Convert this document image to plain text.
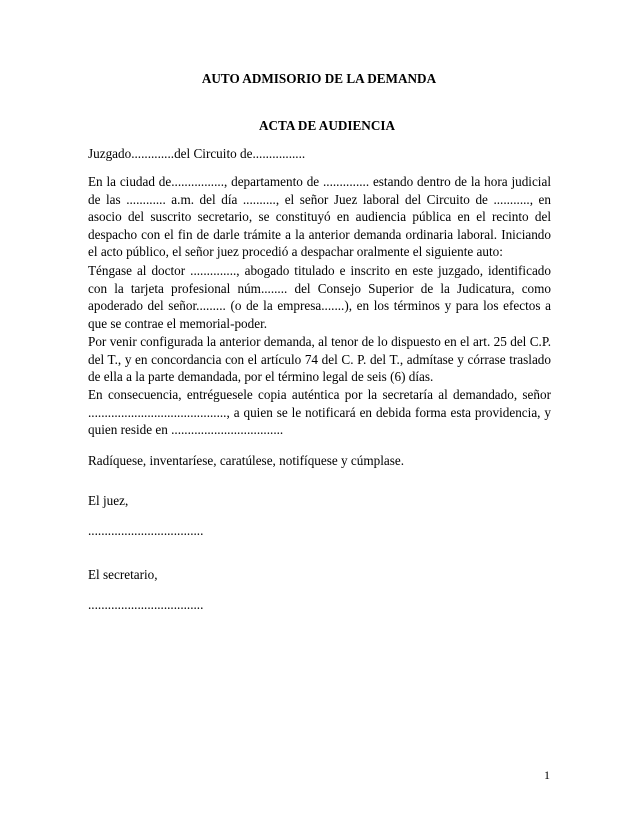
AUTO ADMISORIO DE LA DEMANDA

ACTA DE AUDIENCIA

Juzgado.............del Circuito de................

En la ciudad de................, departamento de .............. estando dentro de la hora judicial de las ............ a.m. del día .........., el señor Juez laboral del Circuito de ..........., en asocio del suscrito secretario, se constituyó en audiencia pública en el recinto del despacho con el fin de darle trámite a la anterior demanda ordinaria laboral. Iniciando el acto público, el señor juez procedió a despachar oralmente el siguiente auto:

Téngase al doctor .............., abogado titulado e inscrito en este juzgado, identificado con la tarjeta profesional núm........ del Consejo Superior de la Judicatura, como apoderado del señor......... (o de la empresa.......), en los términos y para los efectos a que se contrae el memorial-poder.

Por venir configurada la anterior demanda, al tenor de lo dispuesto en el art. 25 del C.P. del T., y en concordancia con el artículo 74 del C. P. del T., admítase y córrase traslado de ella a la parte demandada, por el término legal de seis (6) días.

En consecuencia, entréguesele copia auténtica por la secretaría al demandado, señor .........................................., a quien se le notificará en debida forma esta providencia, y quien reside en ..................................

Radíquese, inventaríese, caratúlese, notifíquese y cúmplase.

El juez,

...................................

El secretario,

...................................

1
